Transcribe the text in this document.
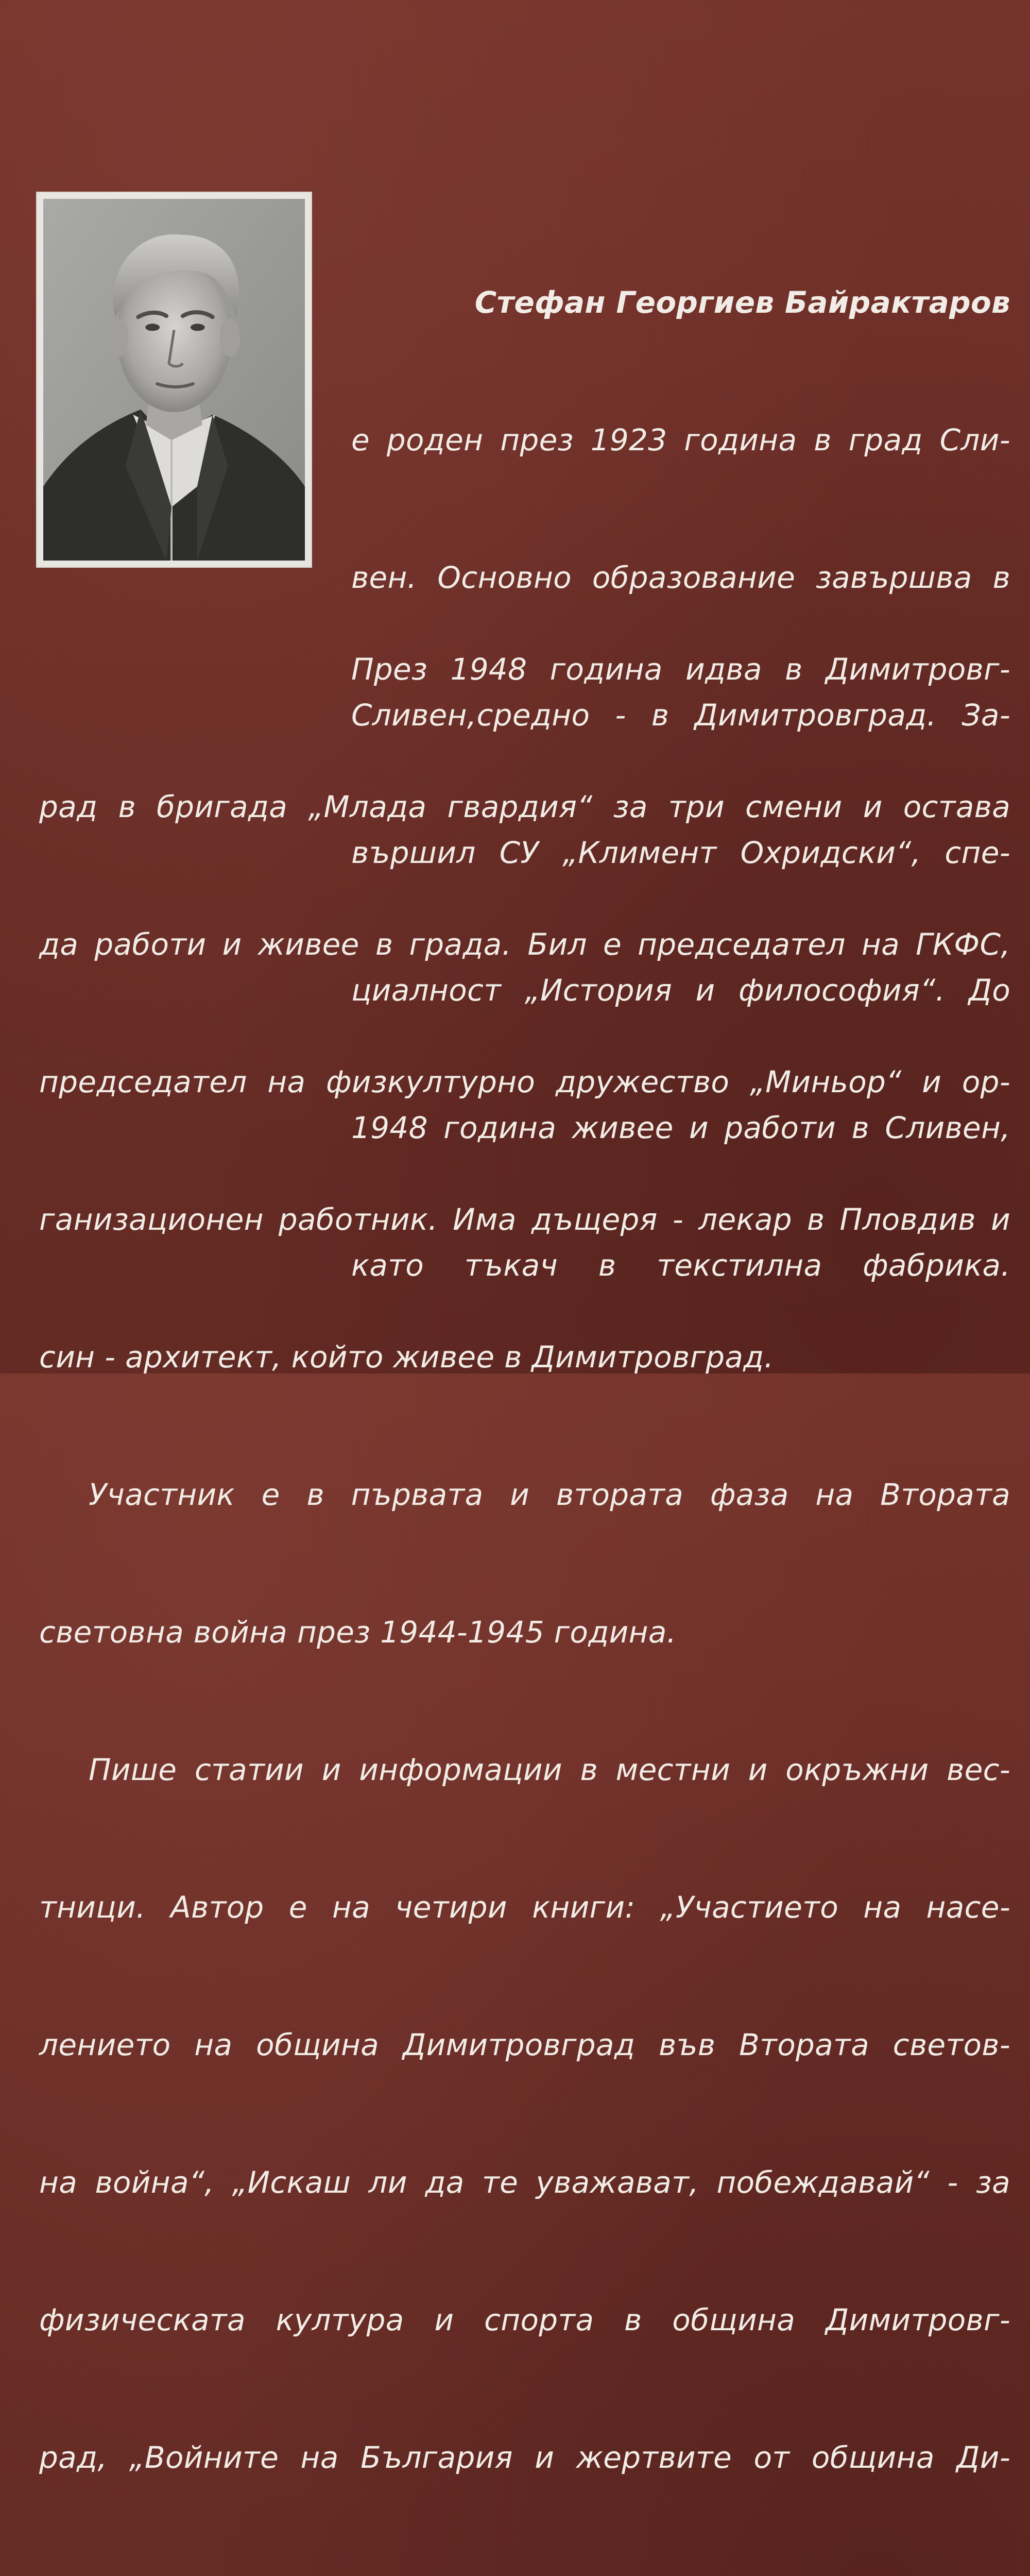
Стефан Георгиев Байрактаров

е роден през 1923 година в град Сли-

вен. Основно образование завършва в

Сливен,средно - в Димитровград. За-

вършил СУ „Климент Охридски“, спе-

циалност „История и философия“. До

1948 година живее и работи в Сливен,

като тъкач в текстилна фабрика.

През 1948 година идва в Димитровг-

рад в бригада „Млада гвардия“ за три смени и остава

да работи и живее в града. Бил е председател на ГКФС,

председател на физкултурно дружество „Миньор“ и ор-

ганизационен работник. Има дъщеря - лекар в Пловдив и

син - архитект, който живее в Димитровград.

Участник е в първата и втората фаза на Втората

световна война през 1944-1945 година.

Пише статии и информации в местни и окръжни вес-

тници. Автор е на четири книги: „Участието на насе-

лението на община Димитровград във Втората светов-

на война“, „Искаш ли да те уважават, побеждавай“ - за

физическата култура и спорта в община Димитровг-

рад, „Войните на България и жертвите от община Ди-
